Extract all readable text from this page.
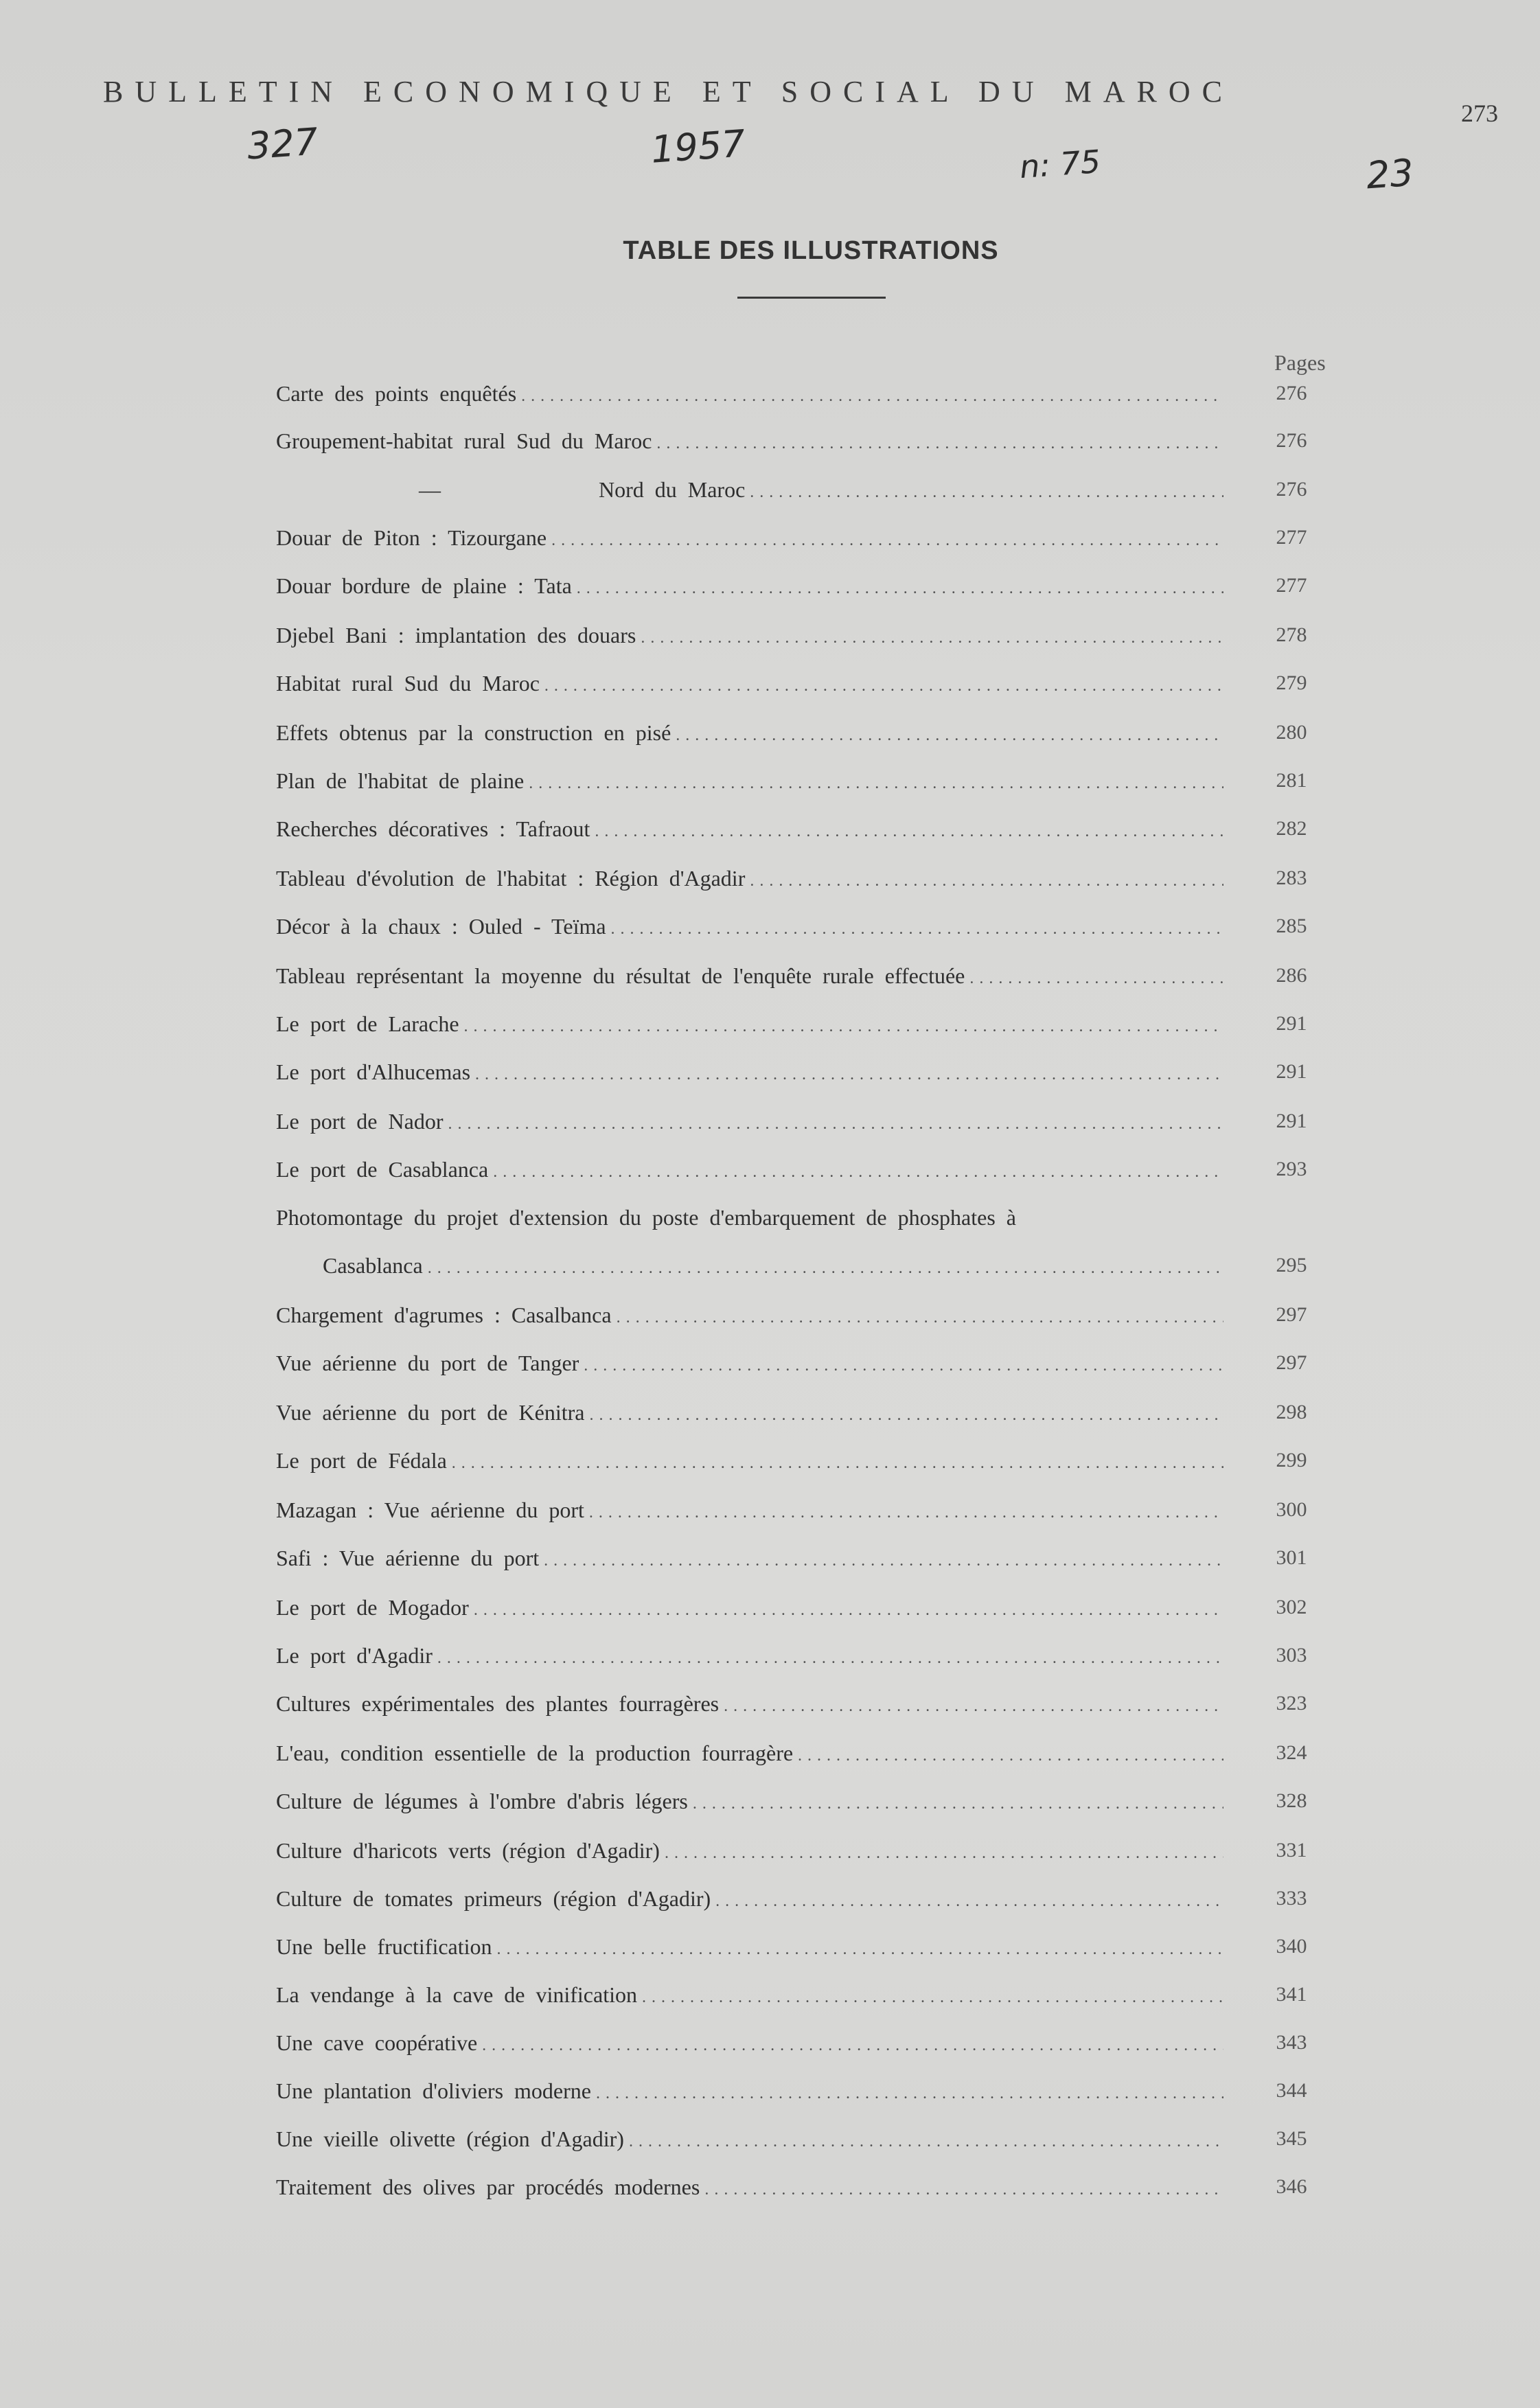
BULLETIN ECONOMIQUE ET SOCIAL DU MAROC
273
327	1957	n: 75	23
TABLE DES ILLUSTRATIONS
Pages
Carte des points enquêtés . . .	276
Groupement-habitat rural Sud du Maroc . . .	276
—	Nord du Maroc . . .	276
Douar de Piton : Tizourgane . . .	277
Douar bordure de plaine : Tata . . .	277
Djebel Bani : implantation des douars . . .	278
Habitat rural Sud du Maroc . . .	279
Effets obtenus par la construction en pisé . . .	280
Plan de l'habitat de plaine . . .	281
Recherches décoratives : Tafraout . . .	282
Tableau d'évolution de l'habitat : Région d'Agadir . . .	283
Décor à la chaux : Ouled - Teïma . . .	285
Tableau représentant la moyenne du résultat de l'enquête rurale effectuée . . .	286
Le port de Larache . . .	291
Le port d'Alhucemas . . .	291
Le port de Nador . . .	291
Le port de Casablanca . . .	293
Photomontage du projet d'extension du poste d'embarquement de phosphates à
Casablanca . . .	295
Chargement d'agrumes : Casalbanca . . .	297
Vue aérienne du port de Tanger . . .	297
Vue aérienne du port de Kénitra . . .	298
Le port de Fédala . . .	299
Mazagan : Vue aérienne du port . . .	300
Safi : Vue aérienne du port . . .	301
Le port de Mogador . . .	302
Le port d'Agadir . . .	303
Cultures expérimentales des plantes fourragères . . .	323
L'eau, condition essentielle de la production fourragère . . .	324
Culture de légumes à l'ombre d'abris légers . . .	328
Culture d'haricots verts (région d'Agadir) . . .	331
Culture de tomates primeurs (région d'Agadir) . . .	333
Une belle fructification . . .	340
La vendange à la cave de vinification . . .	341
Une cave coopérative . . .	343
Une plantation d'oliviers moderne . . .	344
Une vieille olivette (région d'Agadir) . . .	345
Traitement des olives par procédés modernes . . .	346
